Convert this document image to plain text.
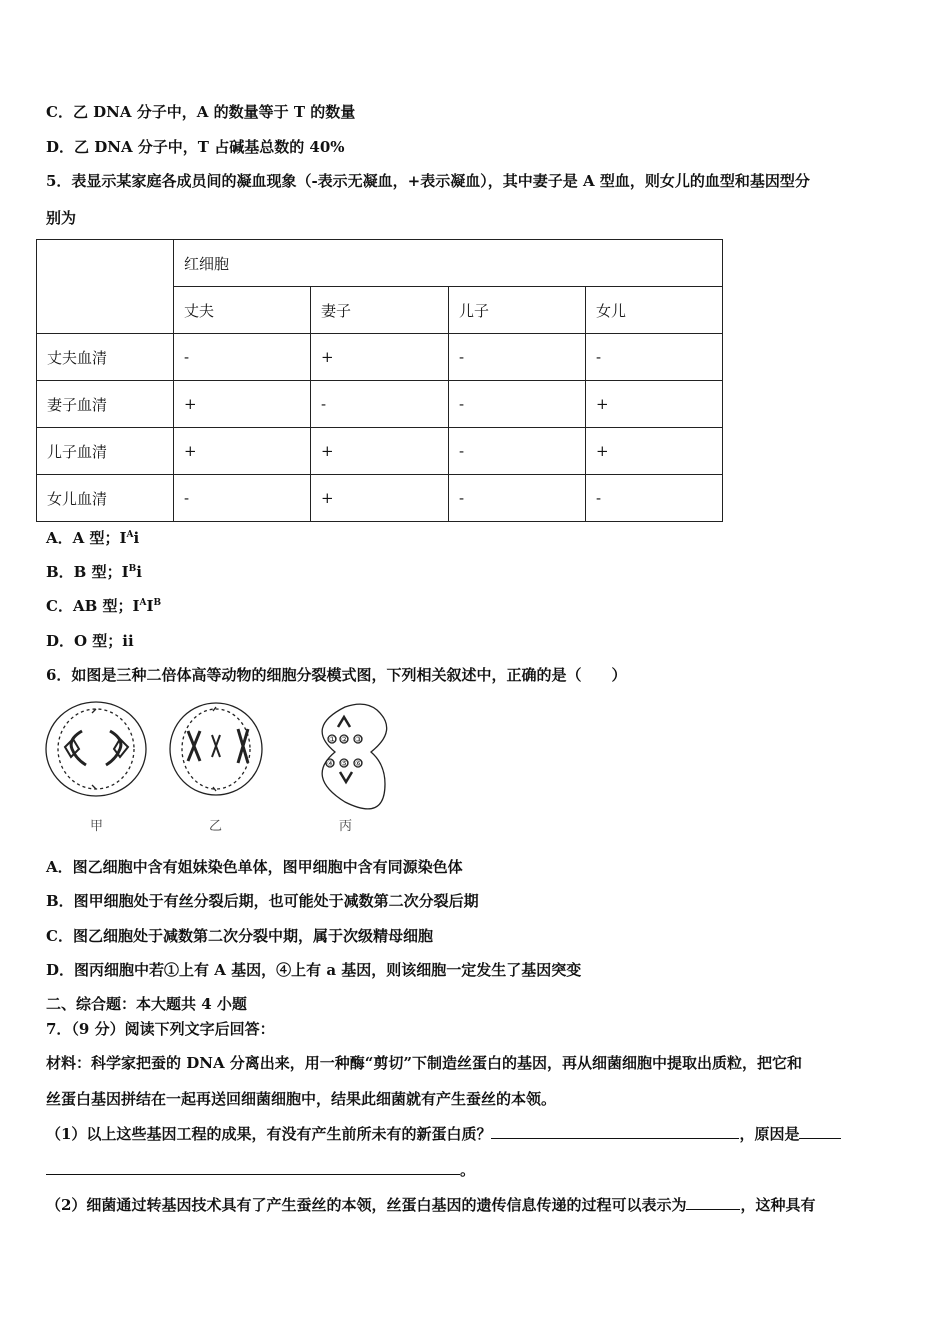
C．乙 DNA 分子中，A 的数量等于 T 的数量
D．乙 DNA 分子中，T 占碱基总数的 40%
5．表显示某家庭各成员间的凝血现象（-表示无凝血，+表示凝血），其中妻子是 A 型血，则女儿的血型和基因型分
别为
	红细胞			
	丈夫	妻子	儿子	女儿
丈夫血清	-	+	-	-
妻子血清	+	-	-	+
儿子血清	+	+	-	+
女儿血清	-	+	-	-
A．A 型；$I^Ai$
B．B 型；$I^Bi$
C．AB 型；$I^AI^B$
D．O 型；ii
6．如图是三种二倍体高等动物的细胞分裂模式图，下列相关叙述中，正确的是（　　）
① ② ③
④ ⑤ ⑥
甲	乙	丙
A．图乙细胞中含有姐妹染色单体，图甲细胞中含有同源染色体
B．图甲细胞处于有丝分裂后期，也可能处于减数第二次分裂后期
C．图乙细胞处于减数第二次分裂中期，属于次级精母细胞
D．图丙细胞中若①上有 A 基因，④上有 a 基因，则该细胞一定发生了基因突变
二、综合题：本大题共 4 小题
7．（9 分）阅读下列文字后回答：
材料：科学家把蚕的 DNA 分离出来，用一种酶“剪切”下制造丝蛋白的基因，再从细菌细胞中提取出质粒，把它和
丝蛋白基因拼结在一起再送回细菌细胞中，结果此细菌就有产生蚕丝的本领。
（1）以上这些基因工程的成果，有没有产生前所未有的新蛋白质？	，原因是
。
（2）细菌通过转基因技术具有了产生蚕丝的本领，丝蛋白基因的遗传信息传递的过程可以表示为	，这种具有
